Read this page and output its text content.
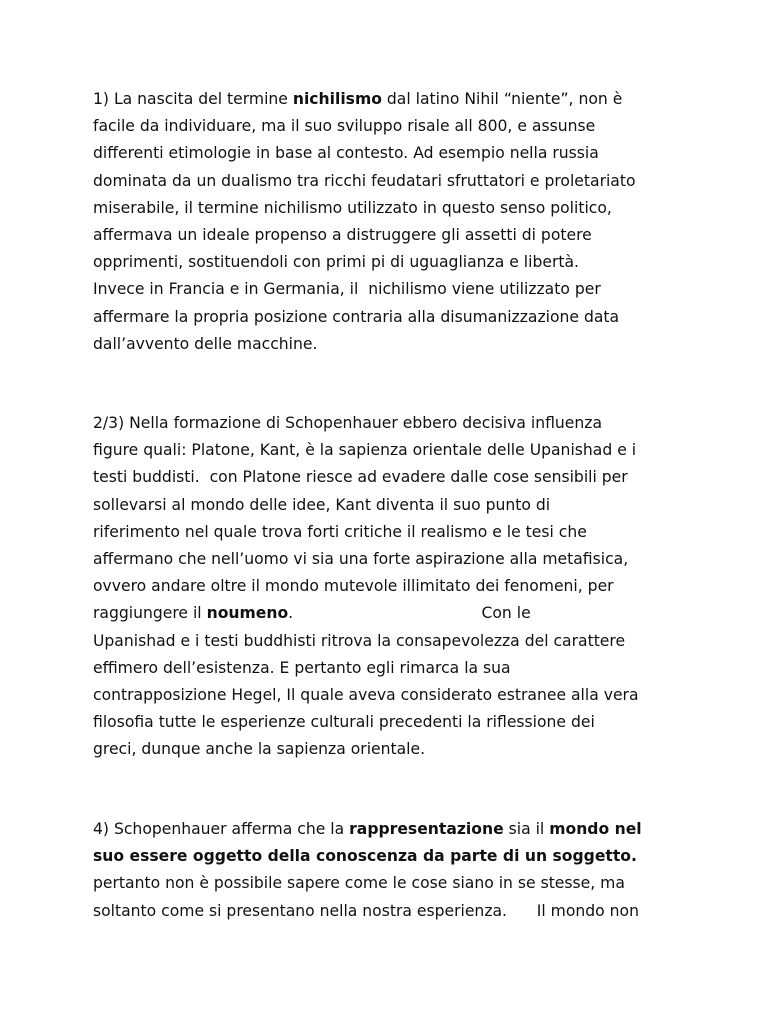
1) La nascita del termine nichilismo dal latino Nihil “niente”, non è
facile da individuare, ma il suo sviluppo risale all 800, e assunse
differenti etimologie in base al contesto. Ad esempio nella russia
dominata da un dualismo tra ricchi feudatari sfruttatori e proletariato
miserabile, il termine nichilismo utilizzato in questo senso politico,
affermava un ideale propenso a distruggere gli assetti di potere
opprimenti, sostituendoli con primi pi di uguaglianza e libertà.
Invece in Francia e in Germania, il  nichilismo viene utilizzato per
affermare la propria posizione contraria alla disumanizzazione data
dall’avvento delle macchine.
2/3) Nella formazione di Schopenhauer ebbero decisiva influenza
figure quali: Platone, Kant, è la sapienza orientale delle Upanishad e i
testi buddisti.  con Platone riesce ad evadere dalle cose sensibili per
sollevarsi al mondo delle idee, Kant diventa il suo punto di
riferimento nel quale trova forti critiche il realismo e le tesi che
affermano che nell’uomo vi sia una forte aspirazione alla metafisica,
ovvero andare oltre il mondo mutevole illimitato dei fenomeni, per
raggiungere il noumeno.                                      Con le
Upanishad e i testi buddhisti ritrova la consapevolezza del carattere
effimero dell’esistenza. E pertanto egli rimarca la sua
contrapposizione Hegel, Il quale aveva considerato estranee alla vera
filosofia tutte le esperienze culturali precedenti la riflessione dei
greci, dunque anche la sapienza orientale.
4) Schopenhauer afferma che la rappresentazione sia il mondo nel
suo essere oggetto della conoscenza da parte di un soggetto.
pertanto non è possibile sapere come le cose siano in se stesse, ma
soltanto come si presentano nella nostra esperienza.      Il mondo non
